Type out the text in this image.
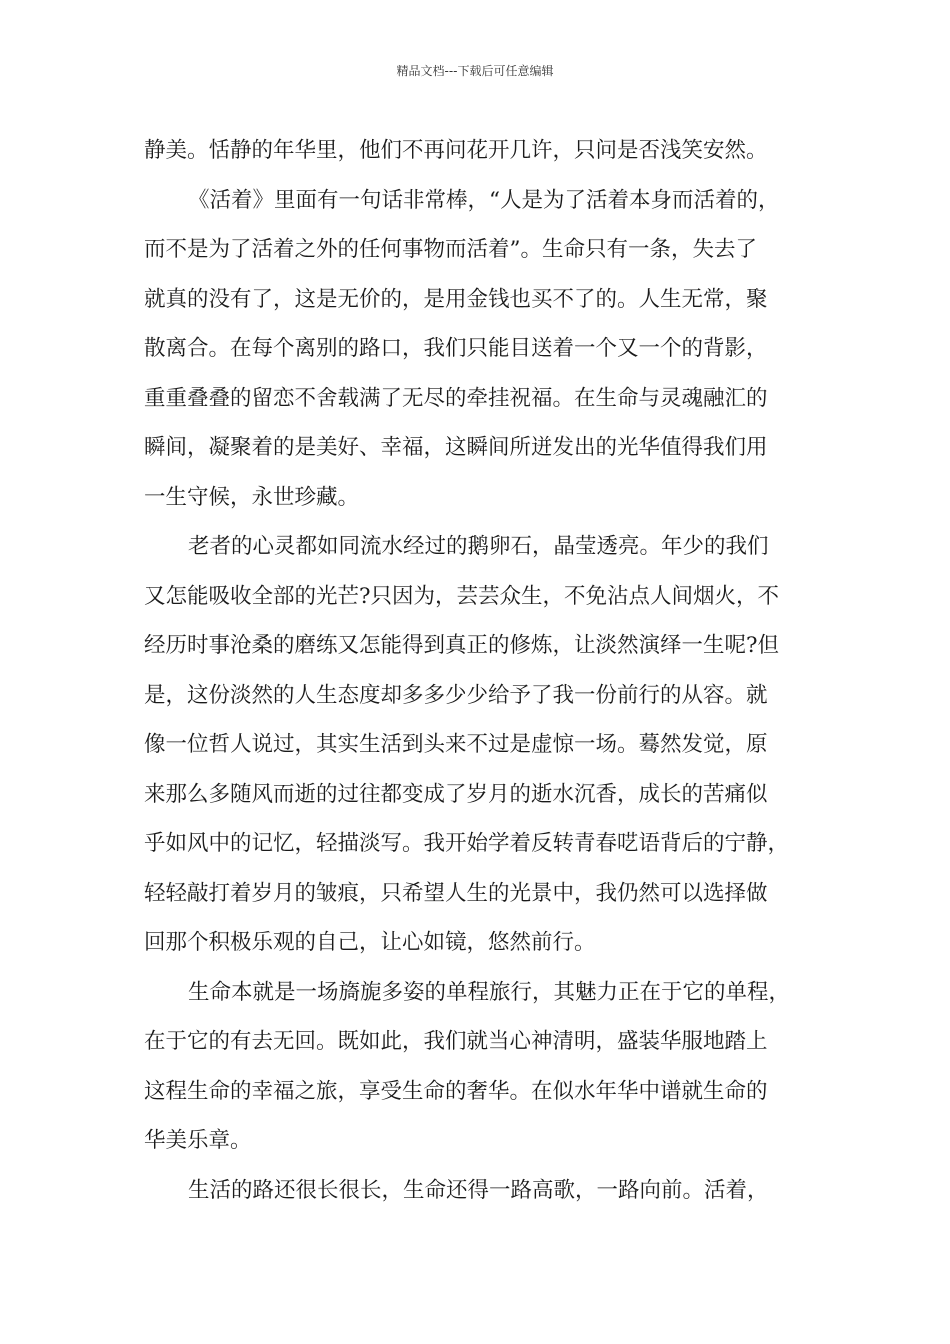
精品文档---下载后可任意编辑
静美。恬静的年华里，他们不再问花开几许，只问是否浅笑安然。
《活着》里面有一句话非常棒，“人是为了活着本身而活着的，
而不是为了活着之外的任何事物而活着”。生命只有一条，失去了
就真的没有了，这是无价的，是用金钱也买不了的。人生无常，聚
散离合。在每个离别的路口，我们只能目送着一个又一个的背影，
重重叠叠的留恋不舍载满了无尽的牵挂祝福。在生命与灵魂融汇的
瞬间，凝聚着的是美好、幸福，这瞬间所迸发出的光华值得我们用
一生守候，永世珍藏。
老者的心灵都如同流水经过的鹅卵石，晶莹透亮。年少的我们
又怎能吸收全部的光芒?只因为，芸芸众生，不免沾点人间烟火，不
经历时事沧桑的磨练又怎能得到真正的修炼，让淡然演绎一生呢?但
是，这份淡然的人生态度却多多少少给予了我一份前行的从容。就
像一位哲人说过，其实生活到头来不过是虚惊一场。蓦然发觉，原
来那么多随风而逝的过往都变成了岁月的逝水沉香，成长的苦痛似
乎如风中的记忆，轻描淡写。我开始学着反转青春呓语背后的宁静，
轻轻敲打着岁月的皱痕，只希望人生的光景中，我仍然可以选择做
回那个积极乐观的自己，让心如镜，悠然前行。
生命本就是一场旖旎多姿的单程旅行，其魅力正在于它的单程，
在于它的有去无回。既如此，我们就当心神清明，盛装华服地踏上
这程生命的幸福之旅，享受生命的奢华。在似水年华中谱就生命的
华美乐章。
生活的路还很长很长，生命还得一路高歌，一路向前。活着，
